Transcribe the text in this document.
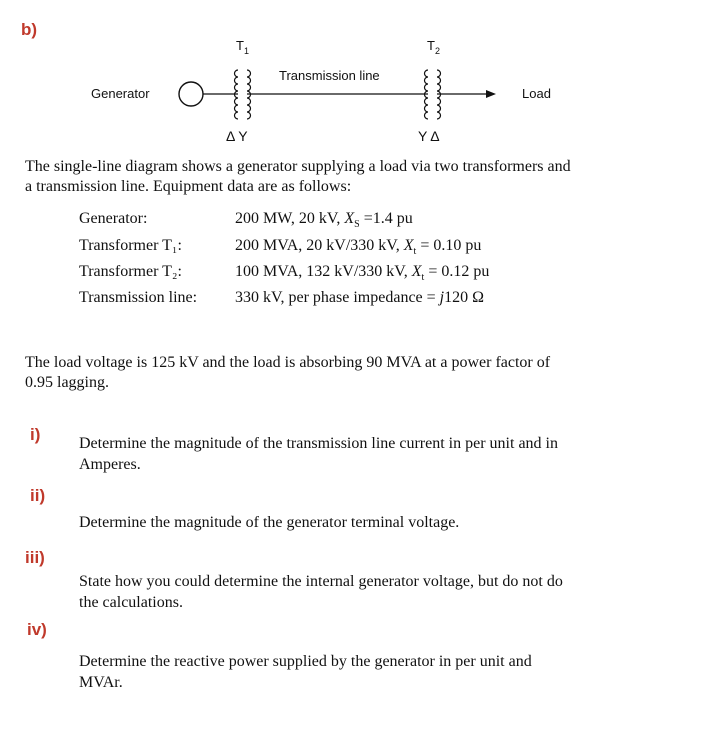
b)
$T_1$	$T_2$
Transmission line
Generator	Load
Δ Υ	Υ Δ
The single-line diagram shows a generator supplying a load via two transformers and
a transmission line. Equipment data are as follows:
Generator:	200 MW, 20 kV, $X_S =1.4$ pu
Transformer T₁:	200 MVA, 20 kV/330 kV, $X_t = 0.10$ pu
Transformer T₂:	100 MVA, 132 kV/330 kV, $X_t = 0.12$ pu
Transmission line: 330 kV, per phase impedance = j120 Ω
The load voltage is 125 kV and the load is absorbing 90 MVA at a power factor of
0.95 lagging.
i) Determine the magnitude of the transmission line current in per unit and in
Amperes.
ii)
Determine the magnitude of the generator terminal voltage.
iii)
State how you could determine the internal generator voltage, but do not do
the calculations.
iv)
Determine the reactive power supplied by the generator in per unit and
MVAr.
